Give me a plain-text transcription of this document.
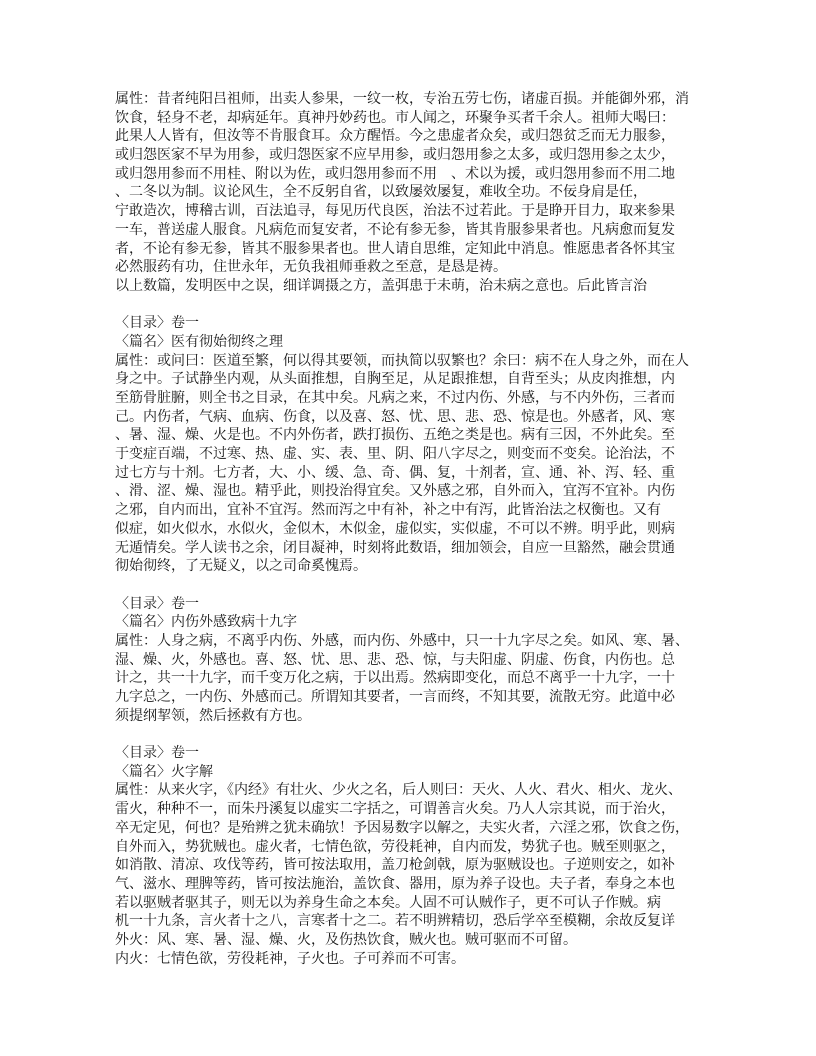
属性：昔者纯阳吕祖师，出卖人参果，一纹一枚，专治五劳七伤，诸虚百损。并能御外邪，消
饮食，轻身不老，却病延年。真神丹妙药也。市人闻之，环聚争买者千余人。祖师大喝曰：
此果人人皆有，但汝等不肯服食耳。众方醒悟。今之患虚者众矣，或归怨贫乏而无力服参，
或归怨医家不早为用参，或归怨医家不应早用参，或归怨用参之太多，或归怨用参之太少，
或归怨用参而不用桂、附以为佐，或归怨用参而不用　、术以为援，或归怨用参而不用二地
、二冬以为制。议论风生，全不反躬自省，以致屡效屡复，难收全功。不佞身肩是任，
宁敢造次，博稽古训，百法追寻，每见历代良医，治法不过若此。于是睁开目力，取来参果
一车，普送虚人服食。凡病危而复安者，不论有参无参，皆其肯服参果者也。凡病愈而复发
者，不论有参无参，皆其不服参果者也。世人请自思维，定知此中消息。惟愿患者各怀其宝
必然服药有功，住世永年，无负我祖师垂救之至意，是恳是祷。
以上数篇，发明医中之误，细详调摄之方，盖弭患于未萌，治未病之意也。后此皆言治
〈目录〉卷一
〈篇名〉医有彻始彻终之理
属性：或问曰：医道至繁，何以得其要领，而执简以驭繁也？余曰：病不在人身之外，而在人
身之中。子试静坐内观，从头面推想，自胸至足，从足跟推想，自背至头；从皮肉推想，内
至筋骨脏腑，则全书之目录，在其中矣。凡病之来，不过内伤、外感，与不内外伤，三者而
己。内伤者，气病、血病、伤食，以及喜、怒、忧、思、悲、恐、惊是也。外感者，风、寒
、暑、湿、燥、火是也。不内外伤者，跌打损伤、五绝之类是也。病有三因，不外此矣。至
于变症百端，不过寒、热、虚、实、表、里、阴、阳八字尽之，则变而不变矣。论治法，不
过七方与十剂。七方者，大、小、缓、急、奇、偶、复，十剂者，宣、通、补、泻、轻、重
、滑、涩、燥、湿也。精乎此，则投治得宜矣。又外感之邪，自外而入，宜泻不宜补。内伤
之邪，自内而出，宜补不宜泻。然而泻之中有补，补之中有泻，此皆治法之权衡也。又有
似症，如火似水，水似火，金似木，木似金，虚似实，实似虚，不可以不辨。明乎此，则病
无遁情矣。学人读书之余，闭目凝神，时刻将此数语，细加领会，自应一旦豁然，融会贯通
彻始彻终，了无疑义，以之司命奚愧焉。
〈目录〉卷一
〈篇名〉内伤外感致病十九字
属性：人身之病，不离乎内伤、外感，而内伤、外感中，只一十九字尽之矣。如风、寒、暑、
湿、燥、火，外感也。喜、怒、忧、思、悲、恐、惊，与夫阳虚、阴虚、伤食，内伤也。总
计之，共一十九字，而千变万化之病，于以出焉。然病即变化，而总不离乎一十九字，一十
九字总之，一内伤、外感而己。所谓知其要者，一言而终，不知其要，流散无穷。此道中必
须提纲挈领，然后拯救有方也。
〈目录〉卷一
〈篇名〉火字解
属性：从来火字，《内经》有壮火、少火之名，后人则曰：天火、人火、君火、相火、龙火、
雷火，种种不一，而朱丹溪复以虚实二字括之，可谓善言火矣。乃人人宗其说，而于治火，
卒无定见，何也？是殆辨之犹未确欤！予因易数字以解之，夫实火者，六淫之邪，饮食之伤，
自外而入，势犹贼也。虚火者，七情色欲，劳役耗神，自内而发，势犹子也。贼至则驱之，
如消散、清凉、攻伐等药，皆可按法取用，盖刀枪剑戟，原为驱贼设也。子逆则安之，如补
气、滋水、理脾等药，皆可按法施治，盖饮食、器用，原为养子设也。夫子者，奉身之本也
若以驱贼者驱其子，则无以为养身生命之本矣。人固不可认贼作子，更不可认子作贼。病
机一十九条，言火者十之八，言寒者十之二。若不明辨精切，恐后学卒至模糊，余故反复详
外火：风、寒、暑、湿、燥、火，及伤热饮食，贼火也。贼可驱而不可留。
内火：七情色欲，劳役耗神，子火也。子可养而不可害。
